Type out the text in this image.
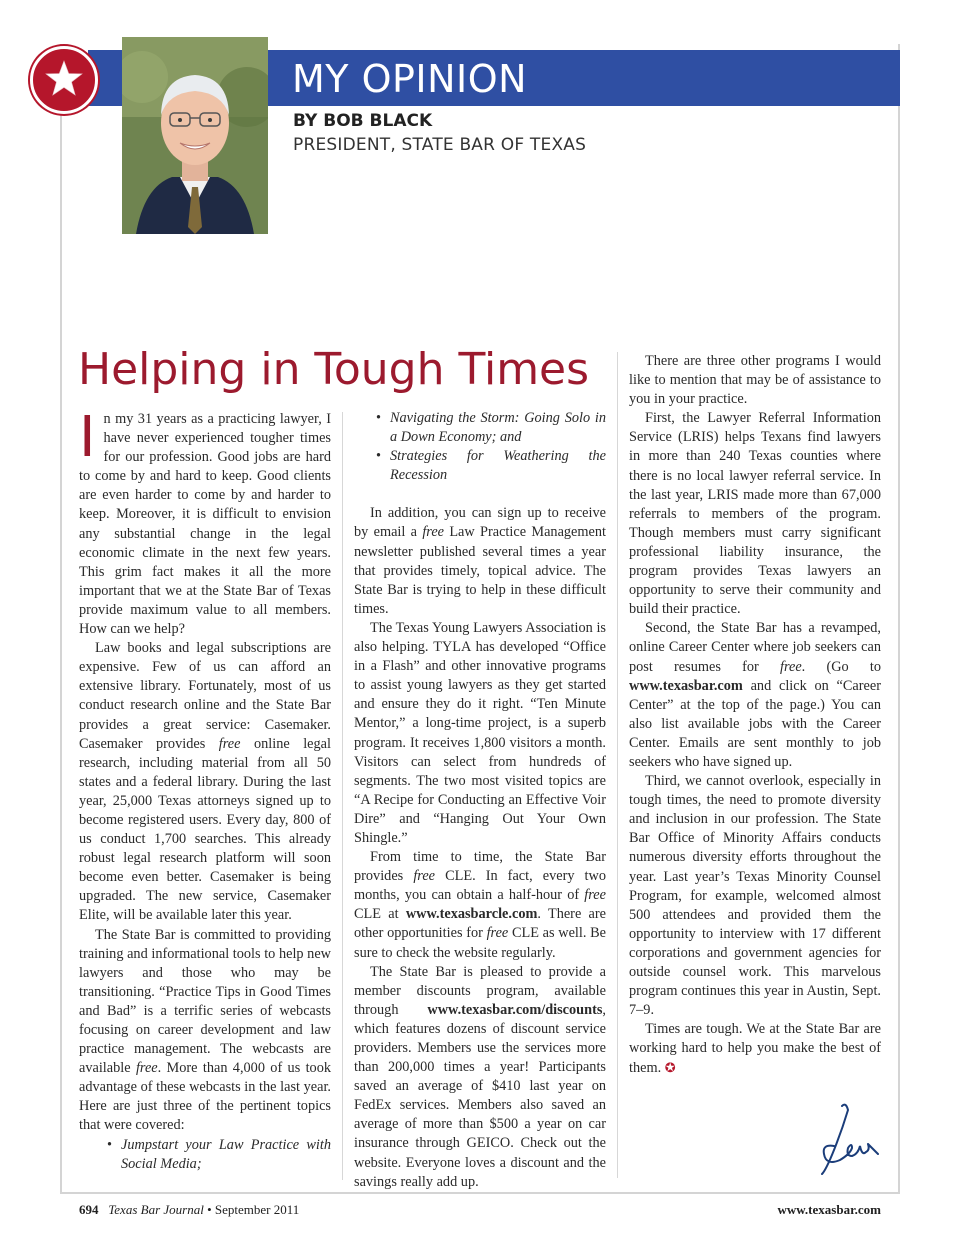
MY OPINION
BY BOB BLACK
PRESIDENT, STATE BAR OF TEXAS
Helping in Tough Times

In my 31 years as a practicing lawyer, I have never experienced tougher times for our profession. Good jobs are hard to come by and hard to keep. Good clients are even harder to come by and harder to keep. Moreover, it is difficult to envision any substantial change in the legal economic climate in the next few years. This grim fact makes it all the more important that we at the State Bar of Texas provide maximum value to all members. How can we help?

Law books and legal subscriptions are expensive. Few of us can afford an extensive library. Fortunately, most of us conduct research online and the State Bar provides a great service: Casemaker. Casemaker provides free online legal research, including material from all 50 states and a federal library. During the last year, 25,000 Texas attorneys signed up to become registered users. Every day, 800 of us conduct 1,700 searches. This already robust legal research platform will soon become even better. Casemaker is being upgraded. The new service, Casemaker Elite, will be available later this year.

The State Bar is committed to providing training and informational tools to help new lawyers and those who may be transitioning. “Practice Tips in Good Times and Bad” is a terrific series of webcasts focusing on career development and law practice management. The webcasts are available free. More than 4,000 of us took advantage of these webcasts in the last year. Here are just three of the pertinent topics that were covered:

• Jumpstart your Law Practice with Social Media;
• Navigating the Storm: Going Solo in a Down Economy; and
• Strategies for Weathering the Recession

In addition, you can sign up to receive by email a free Law Practice Management newsletter published several times a year that provides timely, topical advice. The State Bar is trying to help in these difficult times.

The Texas Young Lawyers Association is also helping. TYLA has developed “Office in a Flash” and other innovative programs to assist young lawyers as they get started and ensure they do it right. “Ten Minute Mentor,” a long-time project, is a superb program. It receives 1,800 visitors a month. Visitors can select from hundreds of segments. The two most visited topics are “A Recipe for Conducting an Effective Voir Dire” and “Hanging Out Your Own Shingle.”

From time to time, the State Bar provides free CLE. In fact, every two months, you can obtain a half-hour of free CLE at www.texasbarcle.com. There are other opportunities for free CLE as well. Be sure to check the website regularly.

The State Bar is pleased to provide a member discounts program, available through www.texasbar.com/discounts, which features dozens of discount service providers. Members use the services more than 200,000 times a year! Participants saved an average of $410 last year on FedEx services. Members also saved an average of more than $500 a year on car insurance through GEICO. Check out the website. Everyone loves a discount and the savings really add up.

There are three other programs I would like to mention that may be of assistance to you in your practice.

First, the Lawyer Referral Information Service (LRIS) helps Texans find lawyers in more than 240 Texas counties where there is no local lawyer referral service. In the last year, LRIS made more than 67,000 referrals to members of the program. Though members must carry significant professional liability insurance, the program provides Texas lawyers an opportunity to serve their community and build their practice.

Second, the State Bar has a revamped, online Career Center where job seekers can post resumes for free. (Go to www.texasbar.com and click on “Career Center” at the top of the page.) You can also list available jobs with the Career Center. Emails are sent monthly to job seekers who have signed up.

Third, we cannot overlook, especially in tough times, the need to promote diversity and inclusion in our profession. The State Bar Office of Minority Affairs conducts numerous diversity efforts throughout the year. Last year’s Texas Minority Counsel Program, for example, welcomed almost 500 attendees and provided them the opportunity to interview with 17 different corporations and government agencies for outside counsel work. This marvelous program continues this year in Austin, Sept. 7–9.

Times are tough. We at the State Bar are working hard to help you make the best of them. ✪

694 Texas Bar Journal • September 2011	www.texasbar.com
